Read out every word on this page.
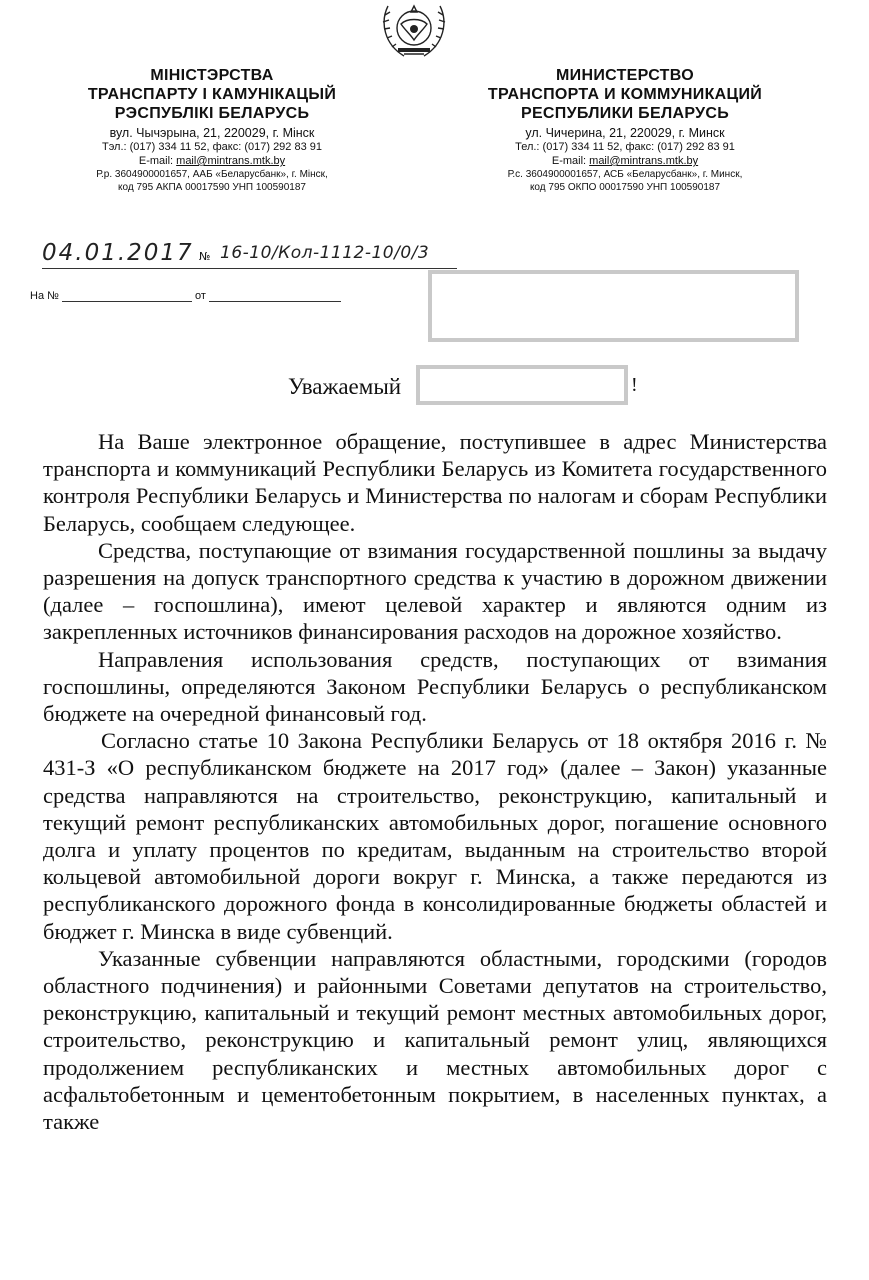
МІНІСТЭРСТВА
ТРАНСПАРТУ І КАМУНІКАЦЫЙ
РЭСПУБЛІКІ БЕЛАРУСЬ
вул. Чычэрына, 21, 220029, г. Мінск
Тэл.: (017) 334 11 52, факс: (017) 292 83 91
E-mail: mail@mintrans.mtk.by
Р.р. 3604900001657, ААБ «Беларусбанк», г. Мінск,
код 795 АКПА 00017590 УНП 100590187
МИНИСТЕРСТВО
ТРАНСПОРТА И КОММУНИКАЦИЙ
РЕСПУБЛИКИ БЕЛАРУСЬ
ул. Чичерина, 21, 220029, г. Минск
Тел.: (017) 334 11 52, факс: (017) 292 83 91
E-mail: mail@mintrans.mtk.by
Р.с. 3604900001657, АСБ «Беларусбанк», г. Минск,
код 795 ОКПО 00017590 УНП 100590187
04.01.2017 № 16-10/Кол-1112-10/0/3
На №	от
Уважаемый	!

На Ваше электронное обращение, поступившее в адрес Министерства транспорта и коммуникаций Республики Беларусь из Комитета государственного контроля Республики Беларусь и Министерства по налогам и сборам Республики Беларусь, сообщаем следующее.

Средства, поступающие от взимания государственной пошлины за выдачу разрешения на допуск транспортного средства к участию в дорожном движении (далее – госпошлина), имеют целевой характер и являются одним из закрепленных источников финансирования расходов на дорожное хозяйство.

Направления использования средств, поступающих от взимания госпошлины, определяются Законом Республики Беларусь о республиканском бюджете на очередной финансовый год.

Согласно статье 10 Закона Республики Беларусь от 18 октября 2016 г. № 431-З «О республиканском бюджете на 2017 год» (далее – Закон) указанные средства направляются на строительство, реконструкцию, капитальный и текущий ремонт республиканских автомобильных дорог, погашение основного долга и уплату процентов по кредитам, выданным на строительство второй кольцевой автомобильной дороги вокруг г. Минска, а также передаются из республиканского дорожного фонда в консолидированные бюджеты областей и бюджет г. Минска в виде субвенций.

Указанные субвенции направляются областными, городскими (городов областного подчинения) и районными Советами депутатов на строительство, реконструкцию, капитальный и текущий ремонт местных автомобильных дорог, строительство, реконструкцию и капитальный ремонт улиц, являющихся продолжением республиканских и местных автомобильных дорог с асфальтобетонным и цементобетонным покрытием, в населенных пунктах, а также
